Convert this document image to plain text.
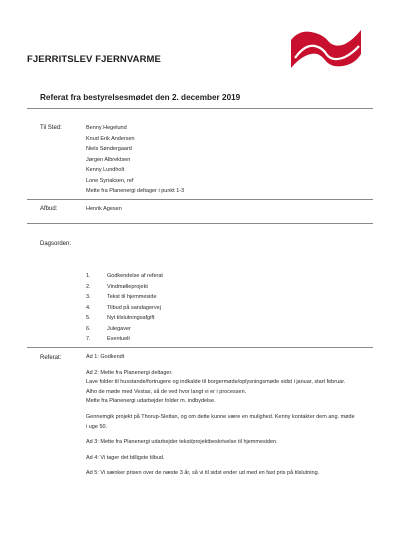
FJERRITSLEV FJERNVARME
Referat fra bestyrelsesmødet den 2. december 2019
Til Sted:	Benny Hegelund
Knud Erik Andersen
Niels Søndergaard
Jørgen Albrektsen
Kenny Lundholt
Lone Syriaksen, ref
Mette fra Planenergi deltager i punkt 1-3
Afbud:	Henrik Agesen
Dagsorden:
1.	Godkendelse af referat
2.	Vindmølleprojekt
3.	Tekst til hjemmeside
4.	Tilbud på sandagervej
5.	Nyt tilslutningsafgift
6.	Julegaver
7.	Eventuelt
Referat:	Ad 1: Godkendt
Ad 2: Mette fra Planenergi deltager.
Lave folder til husstande/fortrugere og indkalde til borgermøde/oplysningsmøde sidst i januar, start februar.
Alho de møde med Vestas, så de ved hvor langt vi er i processen.
Mette fra Planenergi udarbejder folder m. indbydelse.
Gennemgik projekt på Thorup-Slettan, og om dette kunne være en mulighed. Kenny kontakter dem ang. møde i uge 50.
Ad 3: Mette fra Planenergi udarbejder tekst/projektbeskrivelse til hjemmesiden.
Ad 4: Vi tager det billigste tilbud.
Ad 5: Vi sænker prisen over de næste 3 år, så vi til sidst ender ud med en fast pris på tilslutning.
